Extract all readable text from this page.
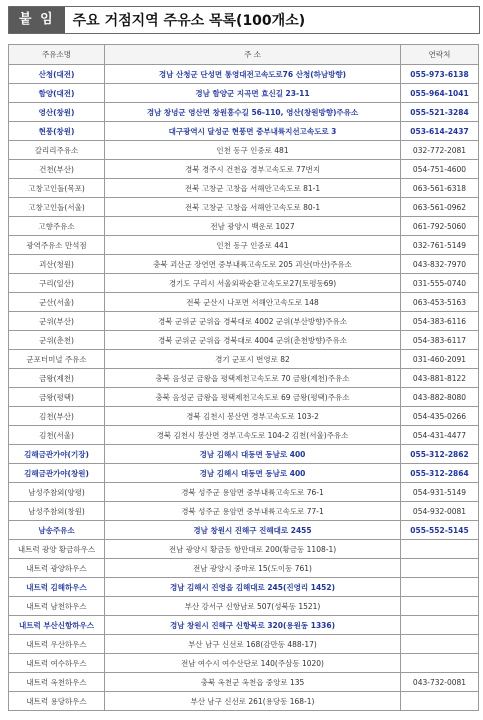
붙 임	주요 거점지역 주유소 목록(100개소)
주유소명	주 소	연락처
산청(대전)	경남 산청군 단성면 통영대전고속도로76 산청(하남방향)	055-973-6138
함양(대전)	경남 함양군 지곡면 효신길 23-11	055-964-1041
영산(창원)	경남 창녕군 영산면 창원흥수길 56-110, 영산(창원방향)주유소	055-521-3284
현풍(창원)	대구광역시 달성군 현풍면 중부내륙지선고속도로 3	053-614-2437
갈리리주유소	인천 동구 인중로 481	032-772-2081
건천(부산)	경북 경주시 건천읍 경부고속도로 77번지	054-751-4600
고창고인돌(목포)	전북 고창군 고창읍 서해안고속도로 81-1	063-561-6318
고창고인돌(서울)	전북 고창군 고창읍 서해안고속도로 80-1	063-561-0962
고향주유소	전남 광양시 백운로 1027	061-792-5060
광역주유소 만석점	인천 동구 인중로 441	032-761-5149
괴산(청원)	충북 괴산군 장연면 중부내륙고속도로 205 괴산(마산)주유소	043-832-7970
구리(일산)	경기도 구리시 서울외곽순환고속도로27(토평동69)	031-555-0740
군산(서울)	전북 군산시 나포면 서해안고속도로 148	063-453-5163
군위(부산)	경북 군위군 군위읍 경북대로 4002 군위(부산방향)주유소	054-383-6116
군위(춘천)	경북 군위군 군위읍 경북대로 4004 군위(춘천방향)주유소	054-383-6117
군포터미널 주유소	경기 군포시 번영로 82	031-460-2091
금왕(제천)	충북 음성군 금왕읍 평택제천고속도로 70 금왕(제천)주유소	043-881-8122
금왕(평택)	충북 음성군 금왕읍 평택제천고속도로 69 금왕(평택)주유소	043-882-8080
김천(부산)	경북 김천시 봉산면 경부고속도로 103-2	054-435-0266
김천(서울)	경북 김천시 봉산면 경부고속도로 104-2 김천(서울)주유소	054-431-4477
김해금관가야(기장)	경남 김해시 대동면 동남로 400	055-312-2862
김해금관가야(창원)	경남 김해시 대동면 동남로 400	055-312-2864
남성주참외(양평)	경북 성주군 용암면 중부내륙고속도로 76-1	054-931-5149
남성주참외(창원)	경북 성주군 용암면 중부내륙고속도로 77-1	054-932-0081
남송주유소	경남 창원시 진해구 진해대로 2455	055-552-5145
내트럭 광양 황금하우스	전남 광양시 황금동 항만대로 200(황금동 1108-1)	
내트럭 광양하우스	전남 광양시 중마로 15(도이동 761)	
내트럭 김해하우스	경남 김해시 진영읍 김해대로 245(진영리 1452)	
내트럭 남천하우스	부산 강서구 신항남로 507(성북동 1521)	
내트럭 부산신항하우스	경남 창원시 진해구 신항북로 320(용원동 1336)	
내트럭 우산하우스	부산 남구 신선로 168(감만동 488-17)	
내트럭 여수하우스	전남 여수시 여수산단로 140(주삼동 1020)	
내트럭 옥천하우스	충북 옥천군 옥천읍 중앙로 135	043-732-0081
내트럭 용당하우스	부산 남구 신선로 261(용당동 168-1)	
